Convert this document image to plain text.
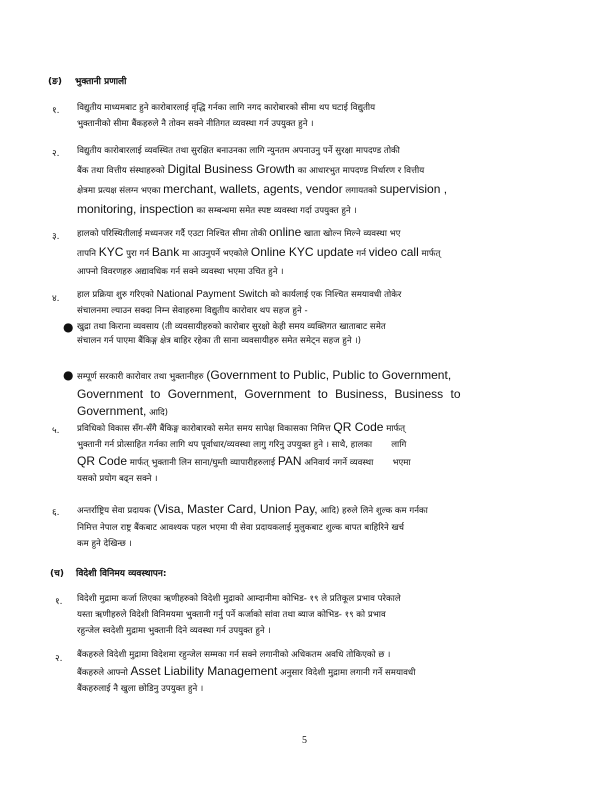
(ङ) भुक्तानी प्रणाली
१. विद्युतीय माध्यमबाट हुने कारोबारलाई वृद्धि गर्नका लागि नगद कारोबारको सीमा थप घटाई विद्युतीय
भुक्तानीको सीमा बैंकहरुले नै तोक्न सक्ने नीतिगत व्यवस्था गर्न उपयुक्त हुने ।
२. विद्युतीय कारोबारलाई व्यवस्थित तथा सुरक्षित बनाउनका लागि न्युनतम अपनाउनु पर्ने सुरक्षा मापदण्ड तोकी
बैंक तथा वित्तीय संस्थाहरुको Digital Business Growth का आधारभुत मापदण्ड निर्धारण र वित्तीय
क्षेत्रमा प्रत्यक्ष संलग्न भएका merchant, wallets, agents, vendor लगायतको supervision ,
monitoring, inspection का सम्बन्धमा समेत स्पष्ट व्यवस्था गर्दा उपयुक्त हुने ।
३. हालको परिस्थितीलाई मध्यनजर गर्दै एउटा निश्चित सीमा तोकी online खाता खोल्न मिल्ने व्यवस्था भए
तापनि KYC पुरा गर्न Bank मा आउनुपर्ने भएकोले Online KYC update गर्न video call मार्फत्
आफ्नो विवरणहरु अद्यावधिक गर्न सक्ने व्यवस्था भएमा उचित हुने ।
४. हाल प्रक्रिया शुरु गरिएको National Payment Switch को कार्यलाई एक निश्चित समयावधी तोकेर
संचालनमा ल्याउन सक्दा निम्न सेवाहरुमा विद्युतीय कारोवार थप सहज हुने -
● खुद्रा तथा किराना व्यवसाय (ती व्यवसायीहरुको कारोबार सुरक्षो केही समय व्यक्तिगत खाताबाट समेत
संचालन गर्न पाएमा बैंकिङ्ग क्षेत्र बाहिर रहेका ती साना व्यवसायीहरु समेत समेट्न सहज हुने ।)
● सम्पूर्ण सरकारी कारोवार तथा भुक्तानीहरु (Government to Public, Public to Government,
Government to Government, Government to Business, Business to
Government, आदि)
५. प्रविधिको विकास सँग-सँगै बैंकिङ्ग कारोबारको समेत समय सापेक्ष विकासका निमित्त QR Code मार्फत्
भुक्तानी गर्न प्रोत्साहित गर्नका लागि थप पूर्वाधार/व्यवस्था लागु गरिनु उपयुक्त हुने । साथै, हालका       लागि
QR Code मार्फत् भुक्तानी लिन साना/घुम्ती व्यापारीहरुलाई PAN अनिवार्य नगर्ने व्यवस्था       भएमा
यसको प्रयोग बढ्न सक्ने ।
६. अन्तर्राष्ट्रिय सेवा प्रदायक (Visa, Master Card, Union Pay, आदि) हरुले लिने शुल्क कम गर्नका
निमित्त नेपाल राष्ट्र बैंकबाट आवश्यक पहल भएमा यी सेवा प्रदायकलाई मुलुकबाट शुल्क बापत बाहिरिने खर्च
कम हुने देखिन्छ ।
(च) विदेशी विनिमय व्यवस्थापन:
१. विदेशी मुद्रामा कर्जा लिएका ऋणीहरुको विदेशी मुद्राको आम्दानीमा कोभिड- १९ ले प्रतिकूल प्रभाव परेकाले
यस्ता ऋणीहरुले विदेशी विनिमयमा भुक्तानी गर्नु पर्ने कर्जाको सांवा तथा ब्याज कोभिड- १९ को प्रभाव
रहुन्जेल स्वदेशी मुद्रामा भुक्तानी दिने व्यवस्था गर्न उपयुक्त हुने ।
२. बैंकहरुले विदेशी मुद्रामा विदेशमा रहुन्जेल सम्मका गर्न सक्ने लगानीको अधिकतम अवधि तोकिएको छ ।
बैंकहरुले आफ्नो Asset Liability Management अनुसार विदेशी मुद्रामा लगानी गर्ने समयावधी
बैंकहरुलाई नै खुला छोडिनु उपयुक्त हुने ।
5
